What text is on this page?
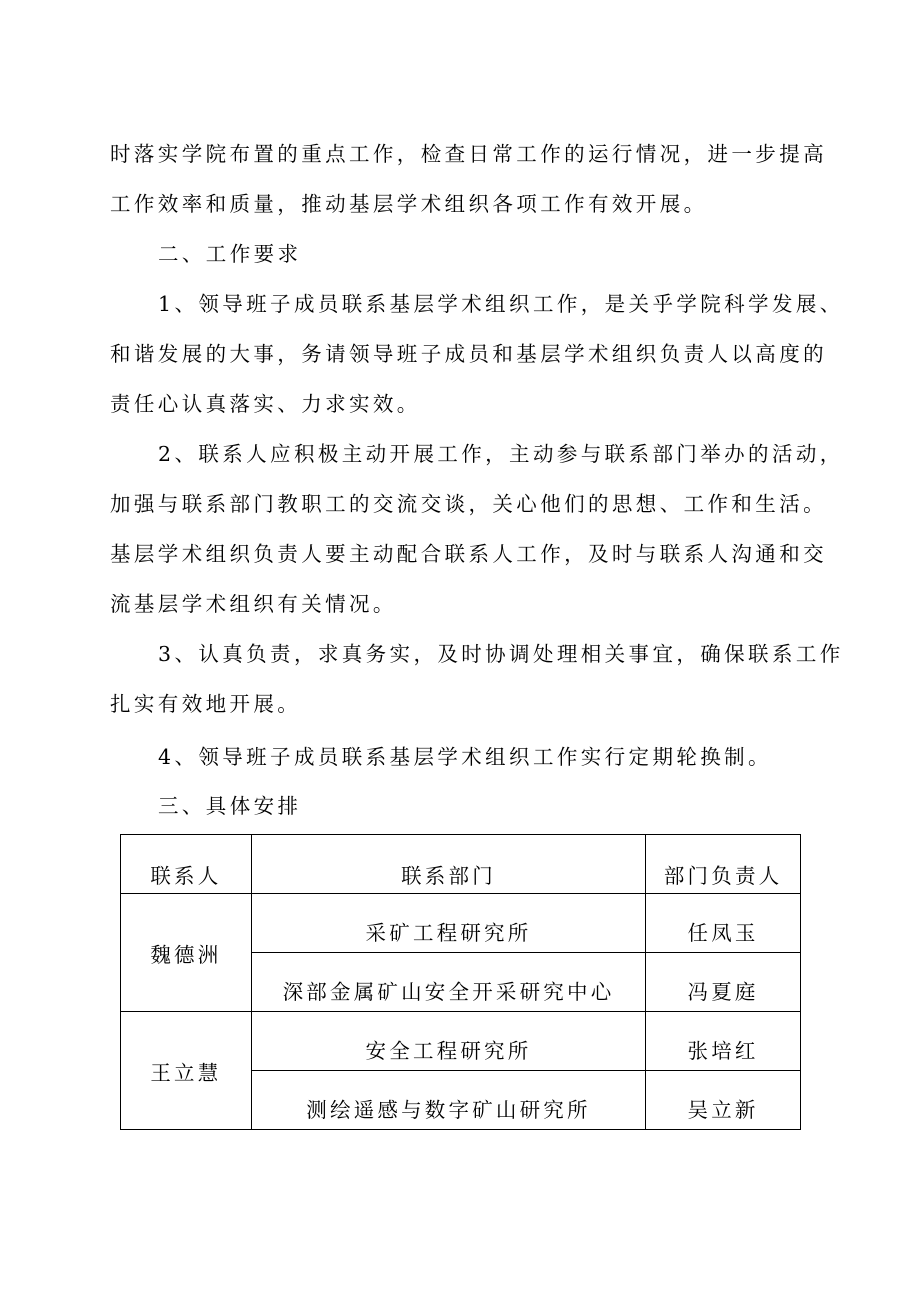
时落实学院布置的重点工作，检查日常工作的运行情况，进一步提高
工作效率和质量，推动基层学术组织各项工作有效开展。
二、工作要求
1、领导班子成员联系基层学术组织工作，是关乎学院科学发展、
和谐发展的大事，务请领导班子成员和基层学术组织负责人以高度的
责任心认真落实、力求实效。
2、联系人应积极主动开展工作，主动参与联系部门举办的活动，
加强与联系部门教职工的交流交谈，关心他们的思想、工作和生活。
基层学术组织负责人要主动配合联系人工作，及时与联系人沟通和交
流基层学术组织有关情况。
3、认真负责，求真务实，及时协调处理相关事宜，确保联系工作
扎实有效地开展。
4、领导班子成员联系基层学术组织工作实行定期轮换制。
三、具体安排
联系人	联系部门	部门负责人
魏德洲	采矿工程研究所	任凤玉
	深部金属矿山安全开采研究中心	冯夏庭
王立慧	安全工程研究所	张培红
	测绘遥感与数字矿山研究所	吴立新
